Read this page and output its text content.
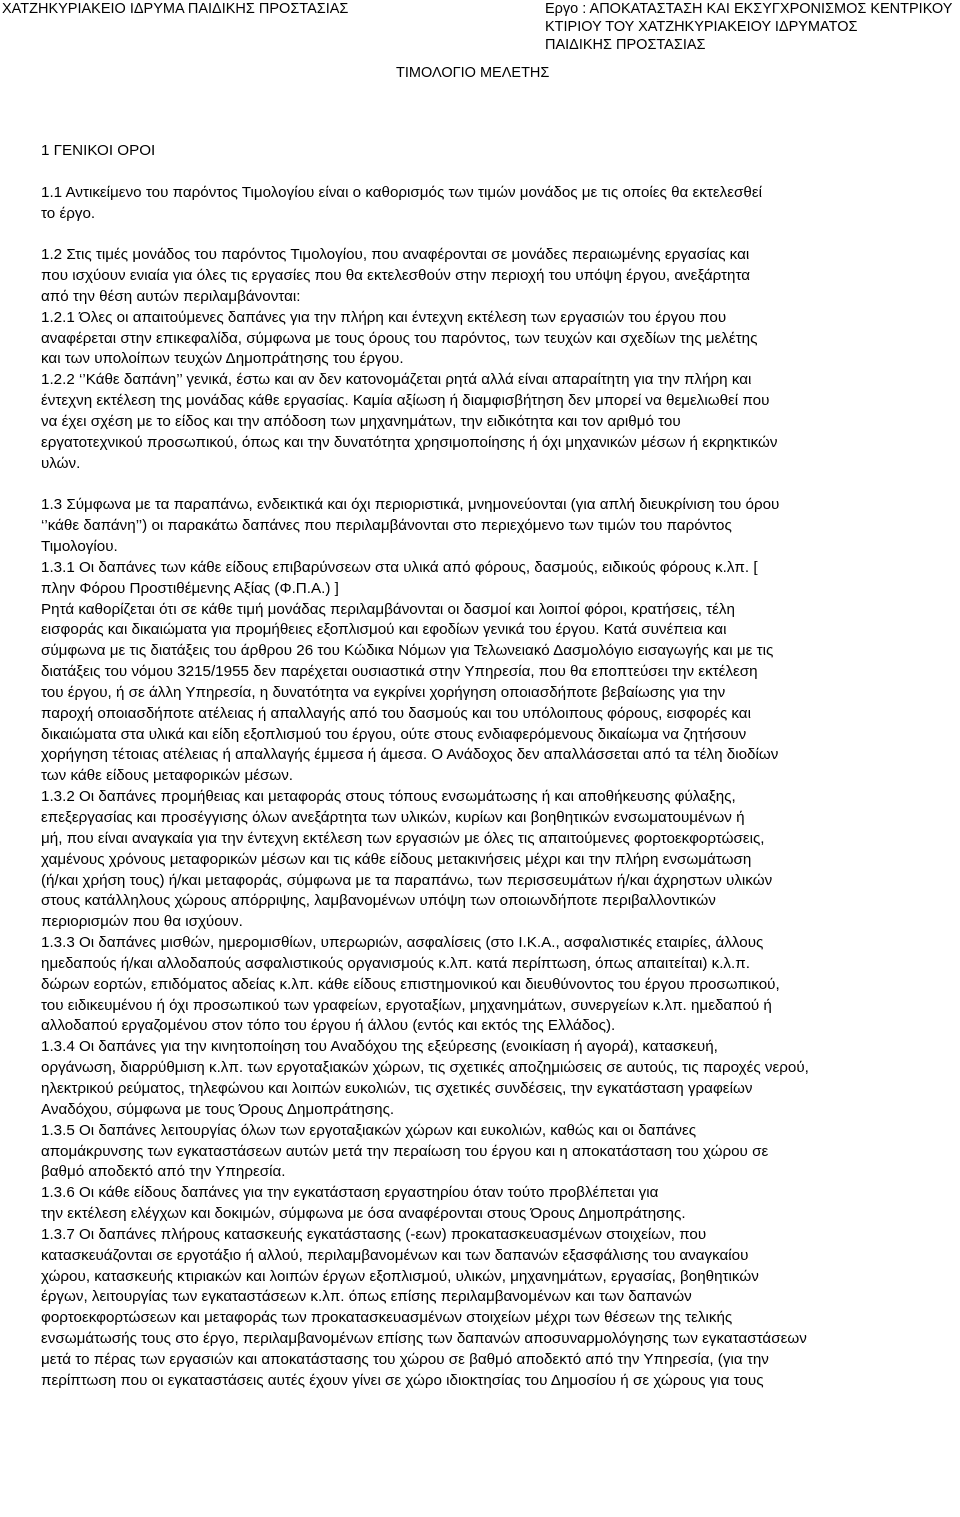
ΧΑΤΖΗΚΥΡΙΑΚΕΙΟ ΙΔΡΥΜΑ ΠΑΙΔΙΚΗΣ ΠΡΟΣΤΑΣΙΑΣ	Εργο : ΑΠΟΚΑΤΑΣΤΑΣΗ ΚΑΙ ΕΚΣΥΓΧΡΟΝΙΣΜΟΣ ΚΕΝΤΡΙΚΟΥ
ΚΤΙΡΙΟΥ ΤΟΥ ΧΑΤΖΗΚΥΡΙΑΚΕΙΟΥ ΙΔΡΥΜΑΤΟΣ
ΠΑΙΔΙΚΗΣ ΠΡΟΣΤΑΣΙΑΣ
ΤΙΜΟΛΟΓΙΟ ΜΕΛΕΤΗΣ
1 ΓΕΝΙΚΟΙ ΟΡΟΙ
1.1 Αντικείμενο του παρόντος Τιμολογίου είναι ο καθορισμός των τιμών μονάδος με τις οποίες θα εκτελεσθεί
το έργο.
1.2 Στις τιμές μονάδος του παρόντος Τιμολογίου, που αναφέρονται σε μονάδες περαιωμένης εργασίας και
που ισχύουν ενιαία για όλες τις εργασίες που θα εκτελεσθούν στην περιοχή του υπόψη έργου, ανεξάρτητα
από την θέση αυτών περιλαμβάνονται:
1.2.1 Όλες οι απαιτούμενες δαπάνες για την πλήρη και έντεχνη εκτέλεση των εργασιών του έργου που
αναφέρεται στην επικεφαλίδα, σύμφωνα με τους όρους του παρόντος, των τευχών και σχεδίων της μελέτης
και των υπολοίπων τευχών Δημοπράτησης του έργου.
1.2.2 ‘’Κάθε δαπάνη’’ γενικά, έστω και αν δεν κατονομάζεται ρητά αλλά είναι απαραίτητη για την πλήρη και
έντεχνη εκτέλεση της μονάδας κάθε εργασίας. Καμία αξίωση ή διαμφισβήτηση δεν μπορεί να θεμελιωθεί που
να έχει σχέση με το είδος και την απόδοση των μηχανημάτων, την ειδικότητα και τον αριθμό του
εργατοτεχνικού προσωπικού, όπως και την δυνατότητα χρησιμοποίησης ή όχι μηχανικών μέσων ή εκρηκτικών
υλών.
1.3 Σύμφωνα με τα παραπάνω, ενδεικτικά και όχι περιοριστικά, μνημονεύονται (για απλή διευκρίνιση του όρου
‘’κάθε δαπάνη’’) οι παρακάτω δαπάνες που περιλαμβάνονται στο περιεχόμενο των τιμών του παρόντος
Τιμολογίου.
1.3.1 Οι δαπάνες των κάθε είδους επιβαρύνσεων στα υλικά από φόρους, δασμούς, ειδικούς φόρους κ.λπ. [
πλην Φόρου Προστιθέμενης Αξίας (Φ.Π.Α.) ]
Ρητά καθορίζεται ότι σε κάθε τιμή μονάδας περιλαμβάνονται οι δασμοί και λοιποί φόροι, κρατήσεις, τέλη
εισφοράς και δικαιώματα για προμήθειες εξοπλισμού και εφοδίων γενικά του έργου. Κατά συνέπεια και
σύμφωνα με τις διατάξεις του άρθρου 26 του Κώδικα Νόμων για Τελωνειακό Δασμολόγιο εισαγωγής και με τις
διατάξεις του νόμου 3215/1955 δεν παρέχεται ουσιαστικά στην Υπηρεσία, που θα εποπτεύσει την εκτέλεση
του έργου, ή σε άλλη Υπηρεσία, η δυνατότητα να εγκρίνει χορήγηση οποιασδήποτε βεβαίωσης για την
παροχή οποιασδήποτε ατέλειας ή απαλλαγής από του δασμούς και του υπόλοιπους φόρους, εισφορές και
δικαιώματα στα υλικά και είδη εξοπλισμού του έργου, ούτε στους ενδιαφερόμενους δικαίωμα να ζητήσουν
χορήγηση τέτοιας ατέλειας ή απαλλαγής έμμεσα ή άμεσα. Ο Ανάδοχος δεν απαλλάσσεται από τα τέλη διοδίων
των κάθε είδους μεταφορικών μέσων.
1.3.2 Οι δαπάνες προμήθειας και μεταφοράς στους τόπους ενσωμάτωσης ή και αποθήκευσης φύλαξης,
επεξεργασίας και προσέγγισης όλων ανεξάρτητα των υλικών, κυρίων και βοηθητικών ενσωματουμένων ή
μή, που είναι αναγκαία για την έντεχνη εκτέλεση των εργασιών με όλες τις απαιτούμενες φορτοεκφορτώσεις,
χαμένους χρόνους μεταφορικών μέσων και τις κάθε είδους μετακινήσεις μέχρι και την πλήρη ενσωμάτωση
(ή/και χρήση τους) ή/και μεταφοράς, σύμφωνα με τα παραπάνω, των περισσευμάτων ή/και άχρηστων υλικών
στους κατάλληλους χώρους απόρριψης, λαμβανομένων υπόψη των οποιωνδήποτε περιβαλλοντικών
περιορισμών που θα ισχύουν.
1.3.3 Οι δαπάνες μισθών, ημερομισθίων, υπερωριών, ασφαλίσεις (στο Ι.Κ.Α., ασφαλιστικές εταιρίες, άλλους
ημεδαπούς ή/και αλλοδαπούς ασφαλιστικούς οργανισμούς κ.λπ. κατά περίπτωση, όπως απαιτείται) κ.λ.π.
δώρων εορτών, επιδόματος αδείας κ.λπ. κάθε είδους επιστημονικού και διευθύνοντος του έργου προσωπικού,
του ειδικευμένου ή όχι προσωπικού των γραφείων, εργοταξίων, μηχανημάτων, συνεργείων κ.λπ. ημεδαπού ή
αλλοδαπού εργαζομένου στον τόπο του έργου ή άλλου (εντός και εκτός της Ελλάδος).
1.3.4 Οι δαπάνες για την κινητοποίηση του Αναδόχου της εξεύρεσης (ενοικίαση ή αγορά), κατασκευή,
οργάνωση, διαρρύθμιση κ.λπ. των εργοταξιακών χώρων, τις σχετικές αποζημιώσεις σε αυτούς, τις παροχές νερού,
ηλεκτρικού ρεύματος, τηλεφώνου και λοιπών ευκολιών, τις σχετικές συνδέσεις, την εγκατάσταση γραφείων
Αναδόχου, σύμφωνα με τους Όρους Δημοπράτησης.
1.3.5 Οι δαπάνες λειτουργίας όλων των εργοταξιακών χώρων και ευκολιών, καθώς και οι δαπάνες
απομάκρυνσης των εγκαταστάσεων αυτών μετά την περαίωση του έργου και η αποκατάσταση του χώρου σε
βαθμό αποδεκτό από την Υπηρεσία.
1.3.6 Οι κάθε είδους δαπάνες για την εγκατάσταση εργαστηρίου όταν τούτο προβλέπεται για
την εκτέλεση ελέγχων και δοκιμών, σύμφωνα με όσα αναφέρονται στους Όρους Δημοπράτησης.
1.3.7 Οι δαπάνες πλήρους κατασκευής εγκατάστασης (-εων) προκατασκευασμένων στοιχείων, που
κατασκευάζονται σε εργοτάξιο ή αλλού, περιλαμβανομένων και των δαπανών εξασφάλισης του αναγκαίου
χώρου, κατασκευής κτιριακών και λοιπών έργων εξοπλισμού, υλικών, μηχανημάτων, εργασίας, βοηθητικών
έργων, λειτουργίας των εγκαταστάσεων κ.λπ. όπως επίσης περιλαμβανομένων και των δαπανών
φορτοεκφορτώσεων και μεταφοράς των προκατασκευασμένων στοιχείων μέχρι των θέσεων της τελικής
ενσωμάτωσής τους στο έργο, περιλαμβανομένων επίσης των δαπανών αποσυναρμολόγησης των εγκαταστάσεων
μετά το πέρας των εργασιών και αποκατάστασης του χώρου σε βαθμό αποδεκτό από την Υπηρεσία, (για την
περίπτωση που οι εγκαταστάσεις αυτές έχουν γίνει σε χώρο ιδιοκτησίας του Δημοσίου ή σε χώρους για τους
